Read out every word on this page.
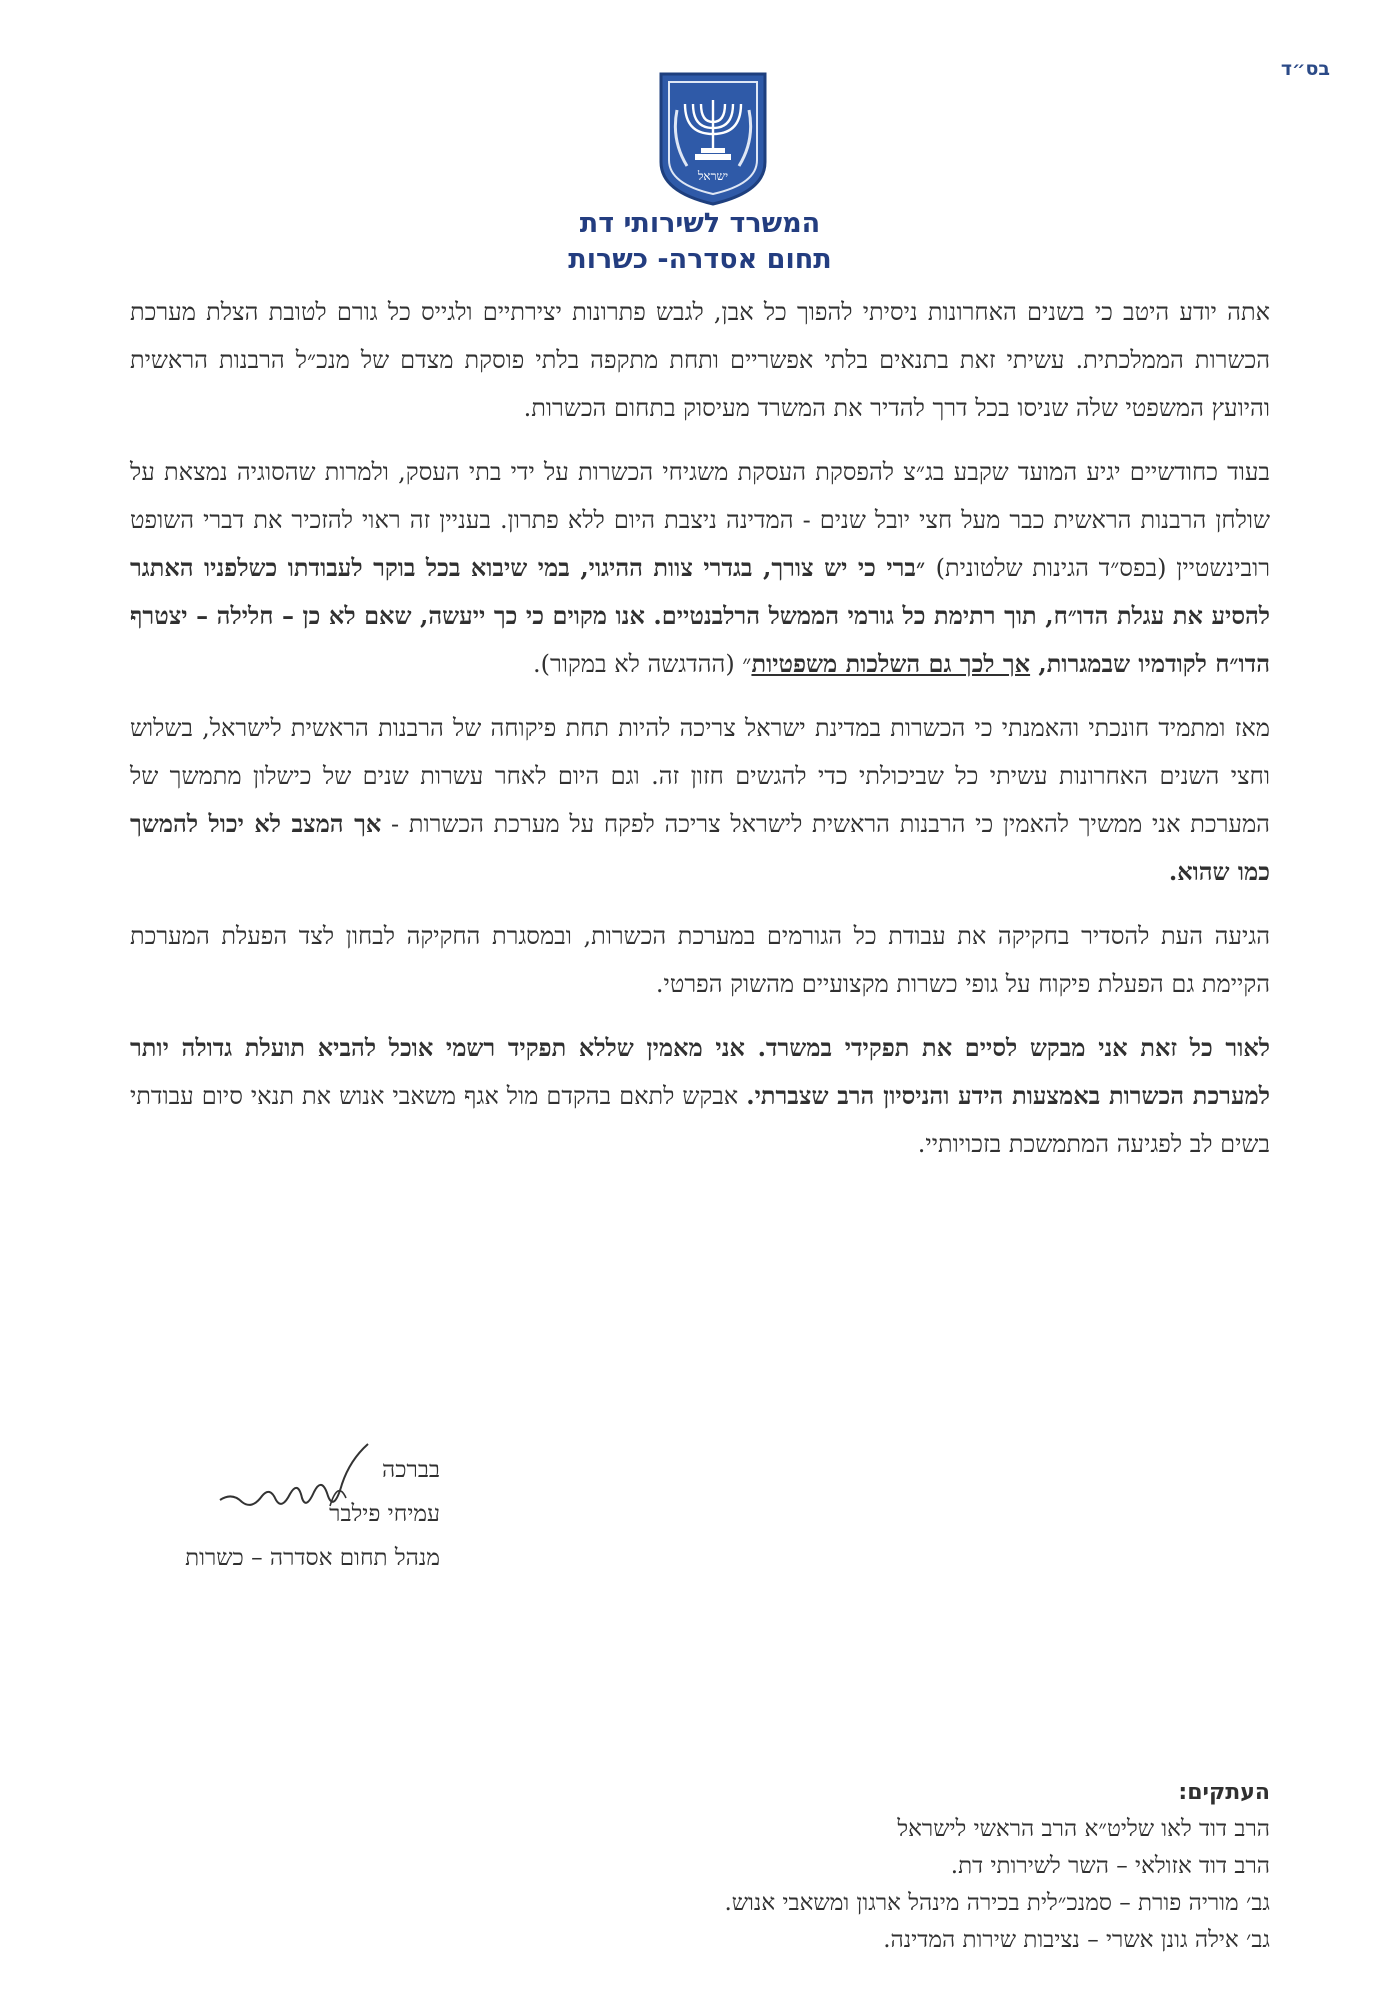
בס״ד
ישראל
המשרד לשירותי דת
תחום אסדרה- כשרות

אתה יודע היטב כי בשנים האחרונות ניסיתי להפוך כל אבן, לגבש פתרונות יצירתיים ולגייס כל גורם לטובת הצלת מערכת הכשרות הממלכתית. עשיתי זאת בתנאים בלתי אפשריים ותחת מתקפה בלתי פוסקת מצדם של מנכ״ל הרבנות הראשית והיועץ המשפטי שלה שניסו בכל דרך להדיר את המשרד מעיסוק בתחום הכשרות.

בעוד כחודשיים יגיע המועד שקבע בג״צ להפסקת העסקת משגיחי הכשרות על ידי בתי העסק, ולמרות שהסוגיה נמצאת על שולחן הרבנות הראשית כבר מעל חצי יובל שנים - המדינה ניצבת היום ללא פתרון. בעניין זה ראוי להזכיר את דברי השופט רובינשטיין (בפס״ד הגינות שלטונית) ״ברי כי יש צורך, בגדרי צוות ההיגוי, במי שיבוא בכל בוקר לעבודתו כשלפניו האתגר להסיע את עגלת הדו״ח, תוך רתימת כל גורמי הממשל הרלבנטיים. אנו מקוים כי כך ייעשה, שאם לא כן – חלילה – יצטרף הדו״ח לקודמיו שבמגרות, אך לכך גם השלכות משפטיות״ (ההדגשה לא במקור).

מאז ומתמיד חונכתי והאמנתי כי הכשרות במדינת ישראל צריכה להיות תחת פיקוחה של הרבנות הראשית לישראל, בשלוש וחצי השנים האחרונות עשיתי כל שביכולתי כדי להגשים חזון זה. וגם היום לאחר עשרות שנים של כישלון מתמשך של המערכת אני ממשיך להאמין כי הרבנות הראשית לישראל צריכה לפקח על מערכת הכשרות - אך המצב לא יכול להמשך כמו שהוא.

הגיעה העת להסדיר בחקיקה את עבודת כל הגורמים במערכת הכשרות, ובמסגרת החקיקה לבחון לצד הפעלת המערכת הקיימת גם הפעלת פיקוח על גופי כשרות מקצועיים מהשוק הפרטי.

לאור כל זאת אני מבקש לסיים את תפקידי במשרד. אני מאמין שללא תפקיד רשמי אוכל להביא תועלת גדולה יותר למערכת הכשרות באמצעות הידע והניסיון הרב שצברתי. אבקש לתאם בהקדם מול אגף משאבי אנוש את תנאי סיום עבודתי בשים לב לפגיעה המתמשכת בזכויותיי.

בברכה
עמיחי פילבר
מנהל תחום אסדרה – כשרות
העתקים:
הרב דוד לאו שליט״א הרב הראשי לישראל
הרב דוד אזולאי – השר לשירותי דת.
גב׳ מוריה פורת – סמנכ״לית בכירה מינהל ארגון ומשאבי אנוש.
גב׳ אילה גונן אשרי – נציבות שירות המדינה.
